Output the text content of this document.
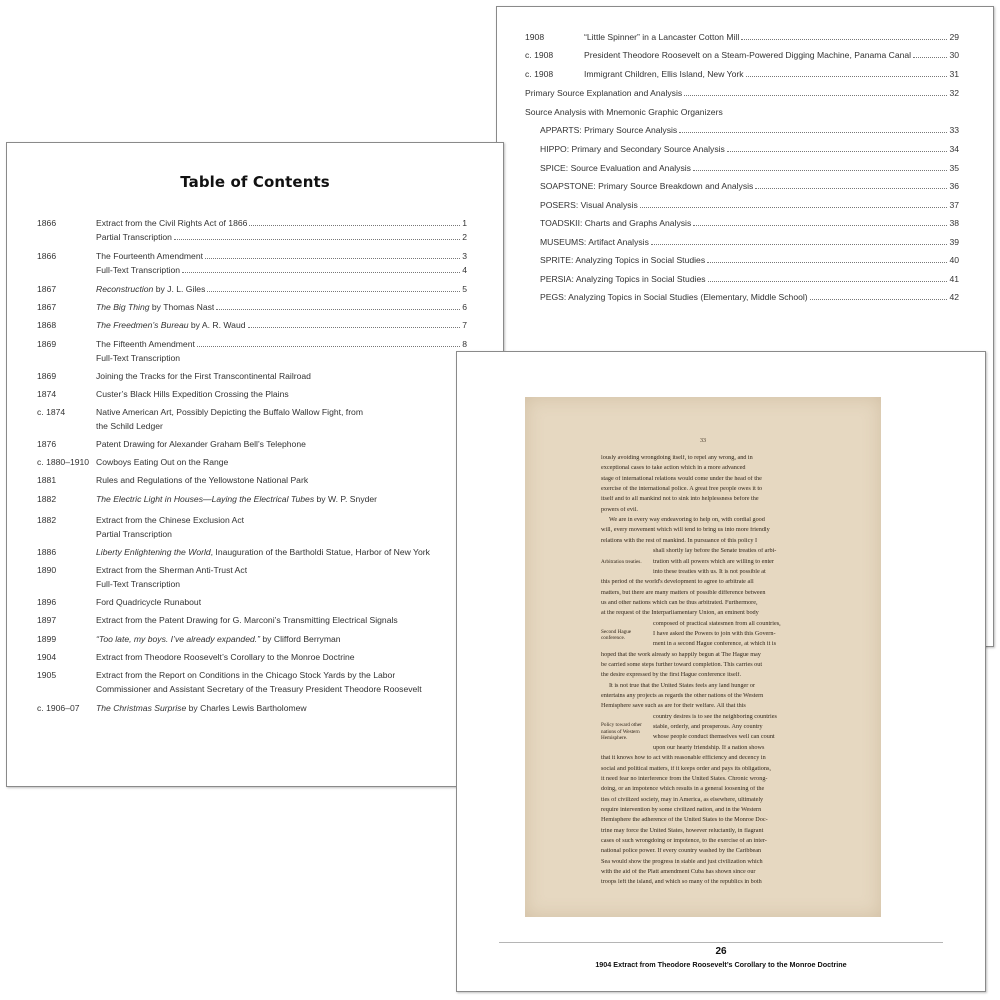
1908	“Little Spinner” in a Lancaster Cotton Mill	29
c. 1908	President Theodore Roosevelt on a Steam-Powered Digging Machine, Panama Canal	30
c. 1908	Immigrant Children, Ellis Island, New York	31
Primary Source Explanation and Analysis	32
Source Analysis with Mnemonic Graphic Organizers
APPARTS: Primary Source Analysis	33
HIPPO: Primary and Secondary Source Analysis	34
SPICE: Source Evaluation and Analysis	35
SOAPSTONE: Primary Source Breakdown and Analysis	36
POSERS: Visual Analysis	37
TOADSKII: Charts and Graphs Analysis	38
MUSEUMS: Artifact Analysis	39
SPRITE: Analyzing Topics in Social Studies	40
PERSIA: Analyzing Topics in Social Studies	41
PEGS: Analyzing Topics in Social Studies (Elementary, Middle School)	42
Table of Contents
1866	Extract from the Civil Rights Act of 1866	1
Partial Transcription	2
1866	The Fourteenth Amendment	3
Full-Text Transcription	4
1867	Reconstruction by J. L. Giles	5
1867	The Big Thing by Thomas Nast	6
1868	The Freedmen’s Bureau by A. R. Waud	7
1869	The Fifteenth Amendment	8
Full-Text Transcription
1869	Joining the Tracks for the First Transcontinental Railroad
1874	Custer’s Black Hills Expedition Crossing the Plains
c. 1874	Native American Art, Possibly Depicting the Buffalo Wallow Fight, from
the Schild Ledger
1876	Patent Drawing for Alexander Graham Bell’s Telephone
c. 1880–1910 Cowboys Eating Out on the Range
1881	Rules and Regulations of the Yellowstone National Park
1882	The Electric Light in Houses—Laying the Electrical Tubes by W. P. Snyder
1882	Extract from the Chinese Exclusion Act
Partial Transcription
1886	Liberty Enlightening the World, Inauguration of the Bartholdi Statue, Harbor of New York
1890	Extract from the Sherman Anti-Trust Act
Full-Text Transcription
1896	Ford Quadricycle Runabout
1897	Extract from the Patent Drawing for G. Marconi’s Transmitting Electrical Signals
1899	“Too late, my boys. I’ve already expanded.” by Clifford Berryman
1904	Extract from Theodore Roosevelt’s Corollary to the Monroe Doctrine
1905	Extract from the Report on Conditions in the Chicago Stock Yards by the Labor
Commissioner and Assistant Secretary of the Treasury President Theodore Roosevelt
c. 1906–07	The Christmas Surprise by Charles Lewis Bartholomew
33
lously avoiding wrongdoing itself, to repel any wrong, and in
exceptional cases to take action which in a more advanced
stage of international relations would come under the head of the
exercise of the international police. A great free people owes it to
itself and to all mankind not to sink into helplessness before the
powers of evil.
We are in every way endeavoring to help on, with cordial good
will, every movement which will tend to bring us into more friendly
relations with the rest of mankind. In pursuance of this policy I
shall shortly lay before the Senate treaties of arbi-
tration with all powers which are willing to enter
into these treaties with us. It is not possible at
this period of the world's development to agree to arbitrate all
matters, but there are many matters of possible difference between
us and other nations which can be thus arbitrated. Furthermore,
at the request of the Interparliamentary Union, an eminent body
composed of practical statesmen from all countries,
I have asked the Powers to join with this Govern-
ment in a second Hague conference, at which it is
hoped that the work already so happily begun at The Hague may
be carried some steps further toward completion. This carries out
the desire expressed by the first Hague conference itself.
It is not true that the United States feels any land hunger or
entertains any projects as regards the other nations of the Western
Hemisphere save such as are for their welfare. All that this
country desires is to see the neighboring countries
stable, orderly, and prosperous. Any country
whose people conduct themselves well can count
upon our hearty friendship. If a nation shows
that it knows how to act with reasonable efficiency and decency in
social and political matters, if it keeps order and pays its obligations,
it need fear no interference from the United States. Chronic wrong-
doing, or an impotence which results in a general loosening of the
ties of civilized society, may in America, as elsewhere, ultimately
require intervention by some civilized nation, and in the Western
Hemisphere the adherence of the United States to the Monroe Doc-
trine may force the United States, however reluctantly, in flagrant
cases of such wrongdoing or impotence, to the exercise of an inter-
national police power. If every country washed by the Caribbean
Sea would show the progress in stable and just civilization which
with the aid of the Platt amendment Cuba has shown since our
troops left the island, and which so many of the republics in both
Arbitration treaties.
Second Hague conference.
Policy toward other nations of Western Hemisphere.
26
1904 Extract from Theodore Roosevelt’s Corollary to the Monroe Doctrine
